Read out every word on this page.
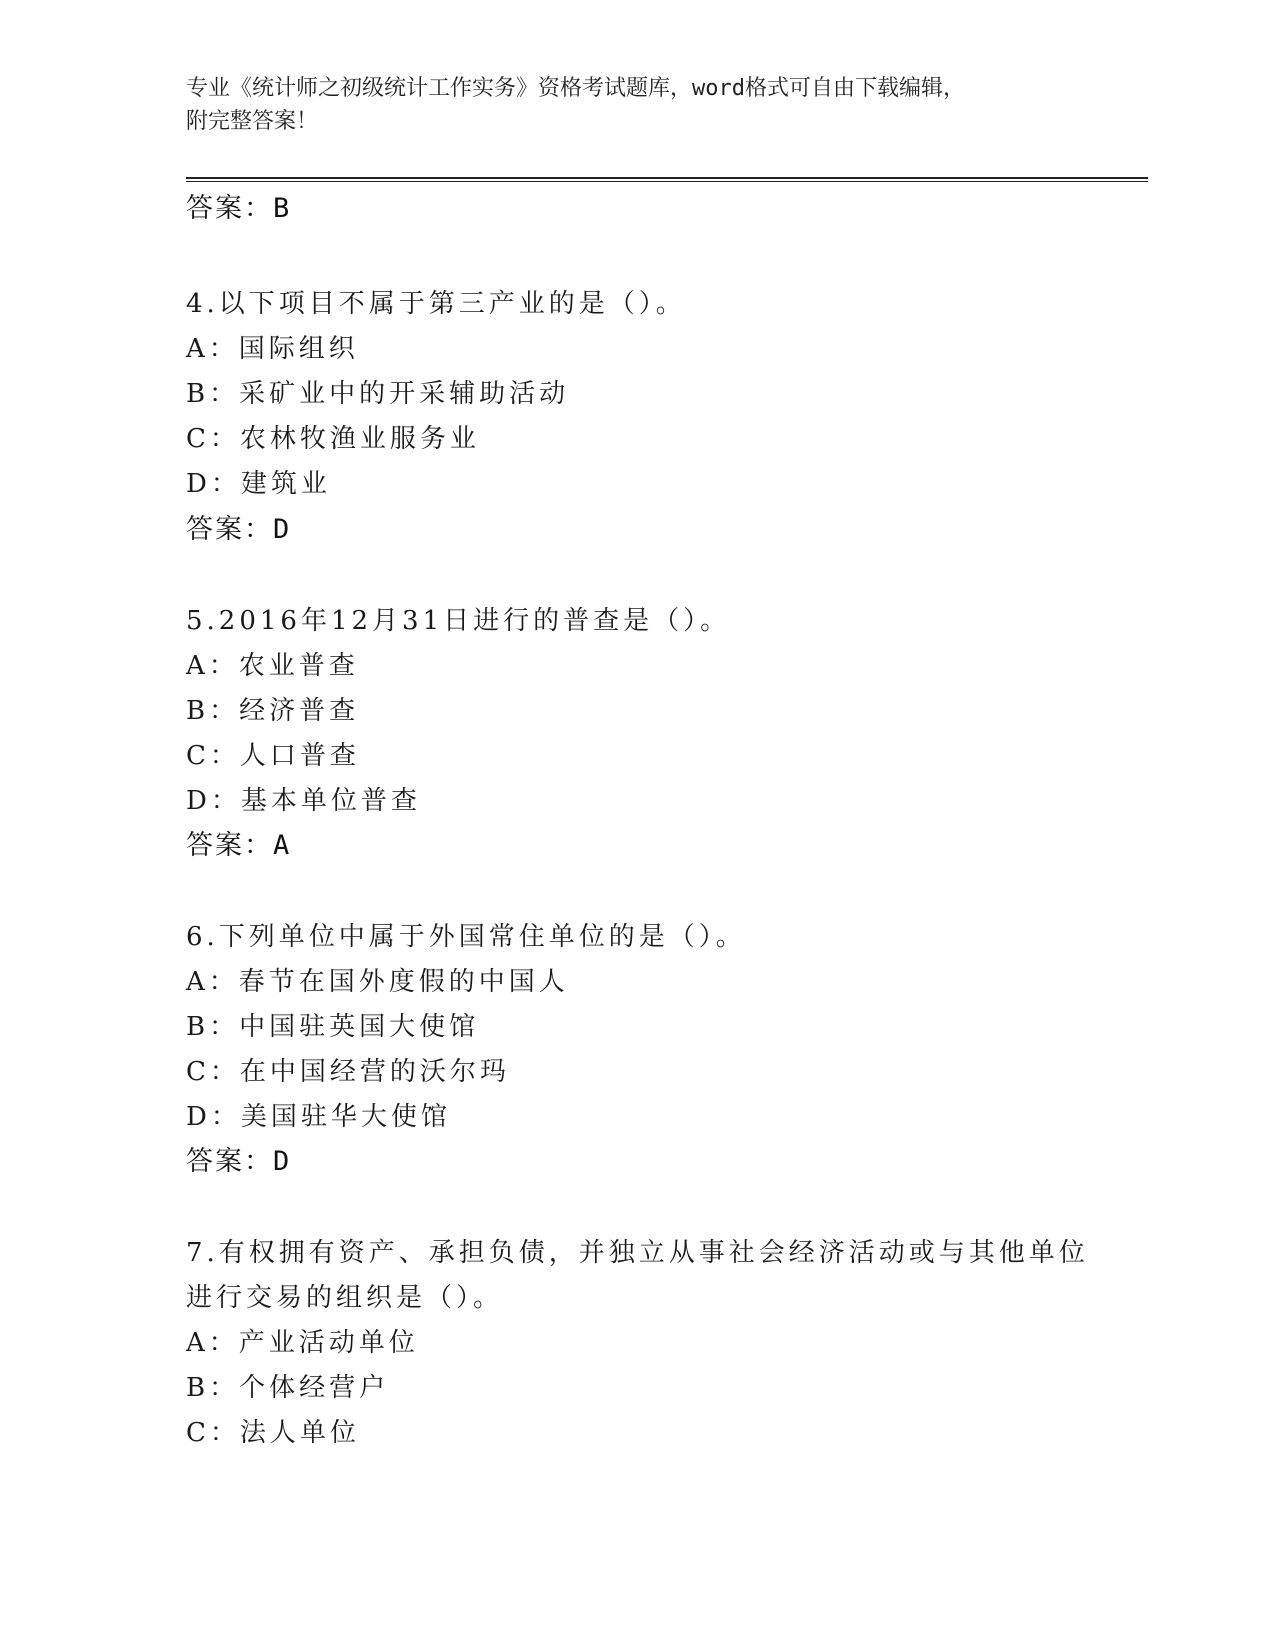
专业《统计师之初级统计工作实务》资格考试题库，word格式可自由下载编辑，

附完整答案！

答案：B
4.以下项目不属于第三产业的是（）。
A：国际组织
B：采矿业中的开采辅助活动
C：农林牧渔业服务业
D：建筑业
答案：D
5.2016年12月31日进行的普查是（）。
A：农业普查
B：经济普查
C：人口普查
D：基本单位普查
答案：A
6.下列单位中属于外国常住单位的是（）。
A：春节在国外度假的中国人
B：中国驻英国大使馆
C：在中国经营的沃尔玛
D：美国驻华大使馆
答案：D
7.有权拥有资产、承担负债，并独立从事社会经济活动或与其他单位
进行交易的组织是（）。
A：产业活动单位
B：个体经营户
C：法人单位
